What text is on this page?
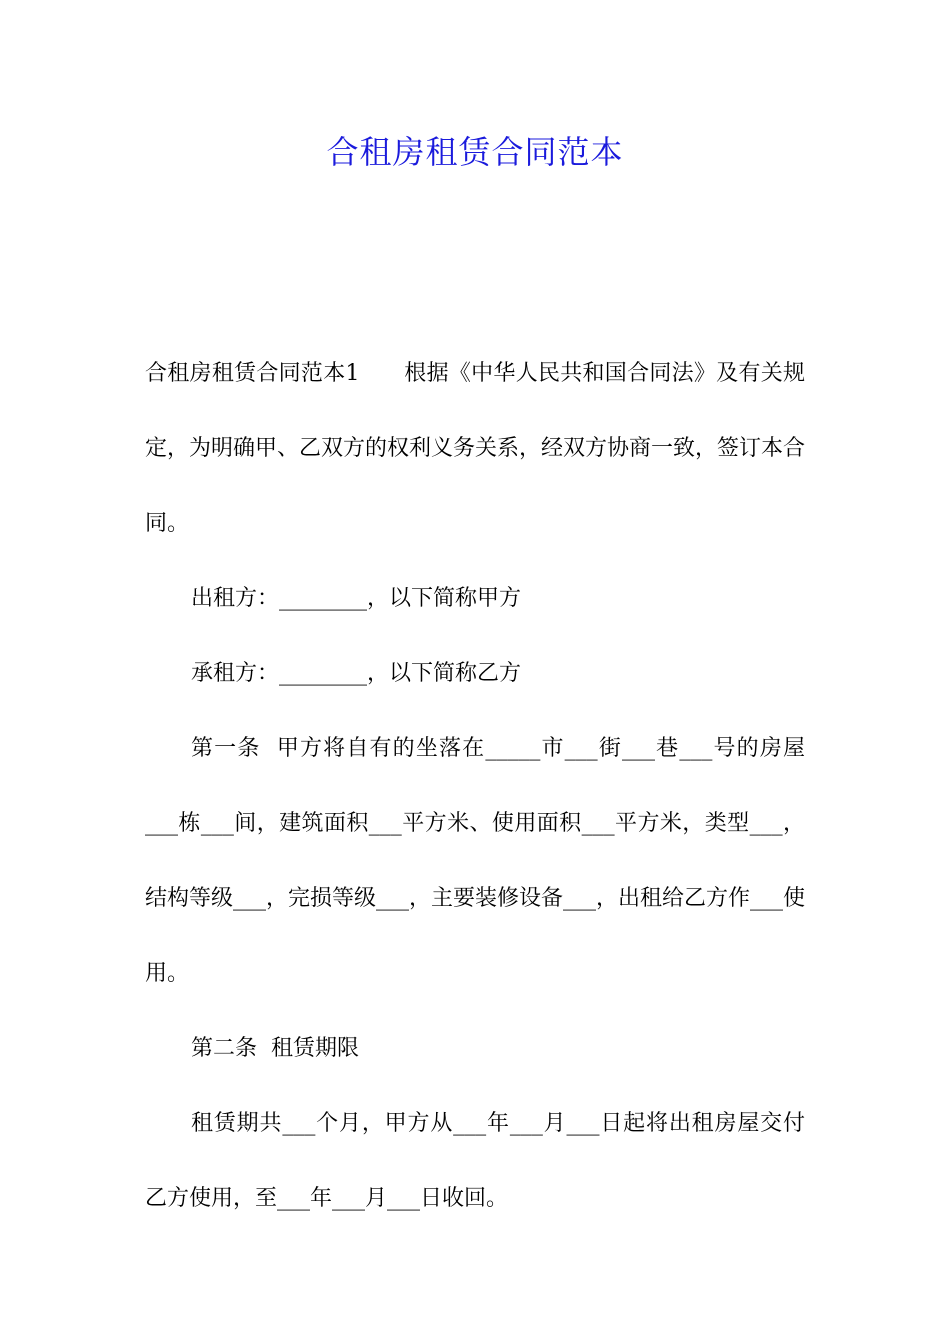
合租房租赁合同范本

合租房租赁合同范本1　　根据《中华人民共和国合同法》及有关规定，为明确甲、乙双方的权利义务关系，经双方协商一致，签订本合同。

出租方：________，以下简称甲方

承租方：________，以下简称乙方

第一条  甲方将自有的坐落在_____市___街___巷___号的房屋___栋___间，建筑面积___平方米、使用面积___平方米，类型___，结构等级___，完损等级___，主要装修设备___，出租给乙方作___使用。

第二条  租赁期限

租赁期共___个月，甲方从___年___月___日起将出租房屋交付乙方使用，至___年___月___日收回。
